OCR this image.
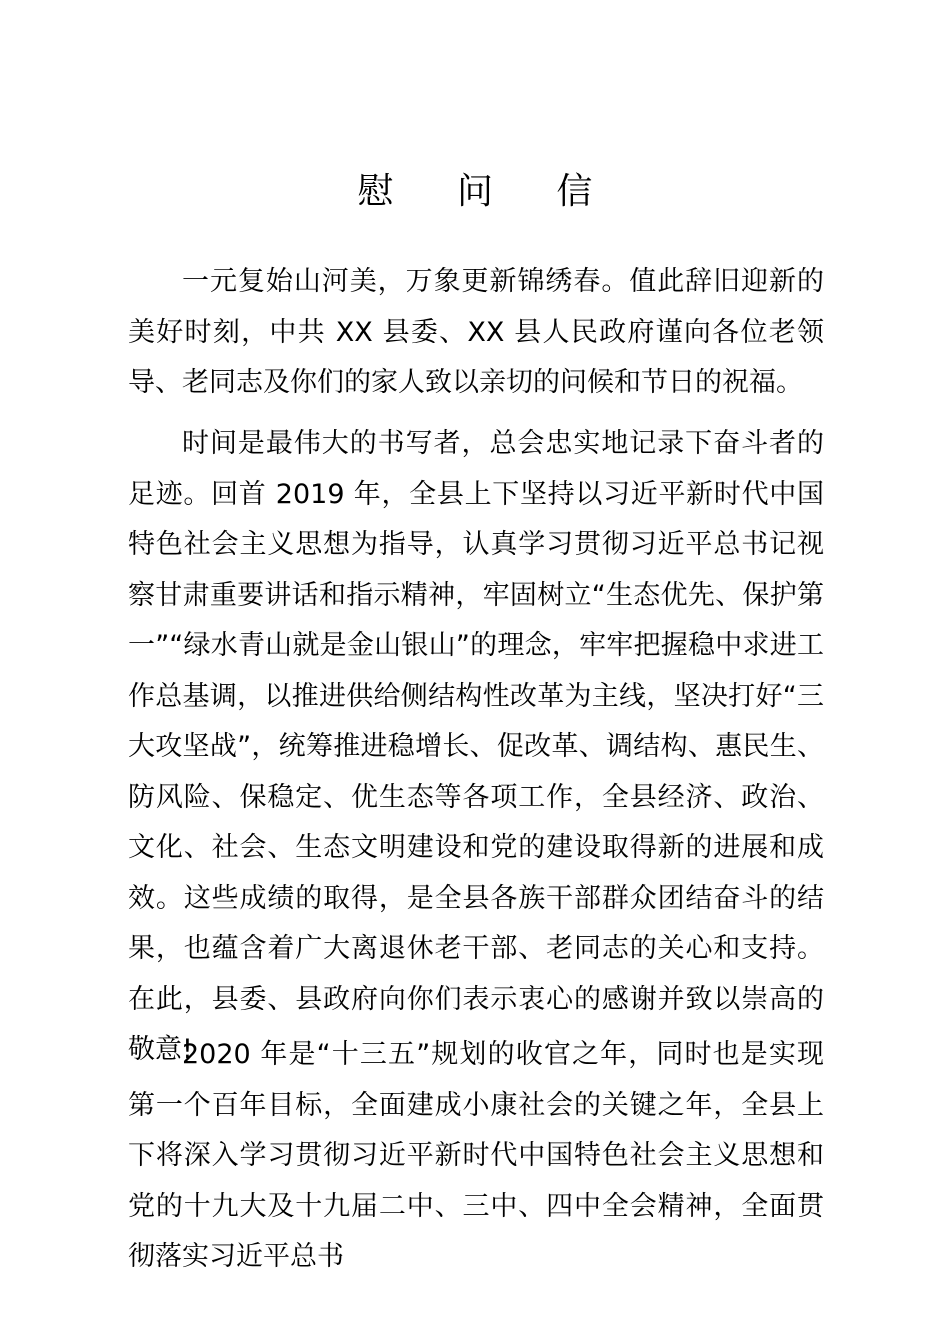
慰 问 信

一元复始山河美，万象更新锦绣春。值此辞旧迎新的美好时刻，中共 XX 县委、XX 县人民政府谨向各位老领导、老同志及你们的家人致以亲切的问候和节日的祝福。

时间是最伟大的书写者，总会忠实地记录下奋斗者的足迹。回首 2019 年，全县上下坚持以习近平新时代中国特色社会主义思想为指导，认真学习贯彻习近平总书记视察甘肃重要讲话和指示精神，牢固树立“生态优先、保护第一”“绿水青山就是金山银山”的理念，牢牢把握稳中求进工作总基调，以推进供给侧结构性改革为主线，坚决打好“三大攻坚战”，统筹推进稳增长、促改革、调结构、惠民生、防风险、保稳定、优生态等各项工作，全县经济、政治、文化、社会、生态文明建设和党的建设取得新的进展和成效。这些成绩的取得，是全县各族干部群众团结奋斗的结果，也蕴含着广大离退休老干部、老同志的关心和支持。在此，县委、县政府向你们表示衷心的感谢并致以崇高的敬意!

2020 年是“十三五”规划的收官之年，同时也是实现第一个百年目标，全面建成小康社会的关键之年，全县上下将深入学习贯彻习近平新时代中国特色社会主义思想和党的十九大及十九届二中、三中、四中全会精神，全面贯彻落实习近平总书
